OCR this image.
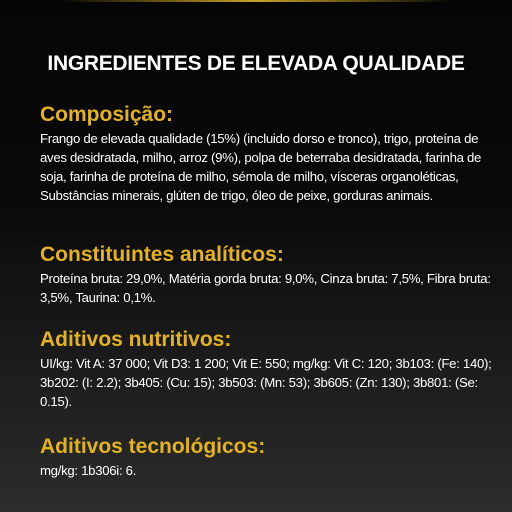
INGREDIENTES DE ELEVADA QUALIDADE
Composição:

Frango de elevada qualidade (15%) (incluido dorso e tronco), trigo, proteína de aves desidratada, milho, arroz (9%), polpa de beterraba desidratada, farinha de soja, farinha de proteína de milho, sémola de milho, vísceras organoléticas, Substâncias minerais, glúten de trigo, óleo de peixe, gorduras animais.

Constituintes analíticos:

Proteína bruta: 29,0%, Matéria gorda bruta: 9,0%, Cinza bruta: 7,5%, Fibra bruta: 3,5%, Taurina: 0,1%.

Aditivos nutritivos:

UI/kg: Vit A: 37 000; Vit D3: 1 200; Vit E: 550; mg/kg: Vit C: 120; 3b103: (Fe: 140); 3b202: (I: 2.2); 3b405: (Cu: 15); 3b503: (Mn: 53); 3b605: (Zn: 130); 3b801: (Se: 0.15).

Aditivos tecnológicos:

mg/kg: 1b306i: 6.
